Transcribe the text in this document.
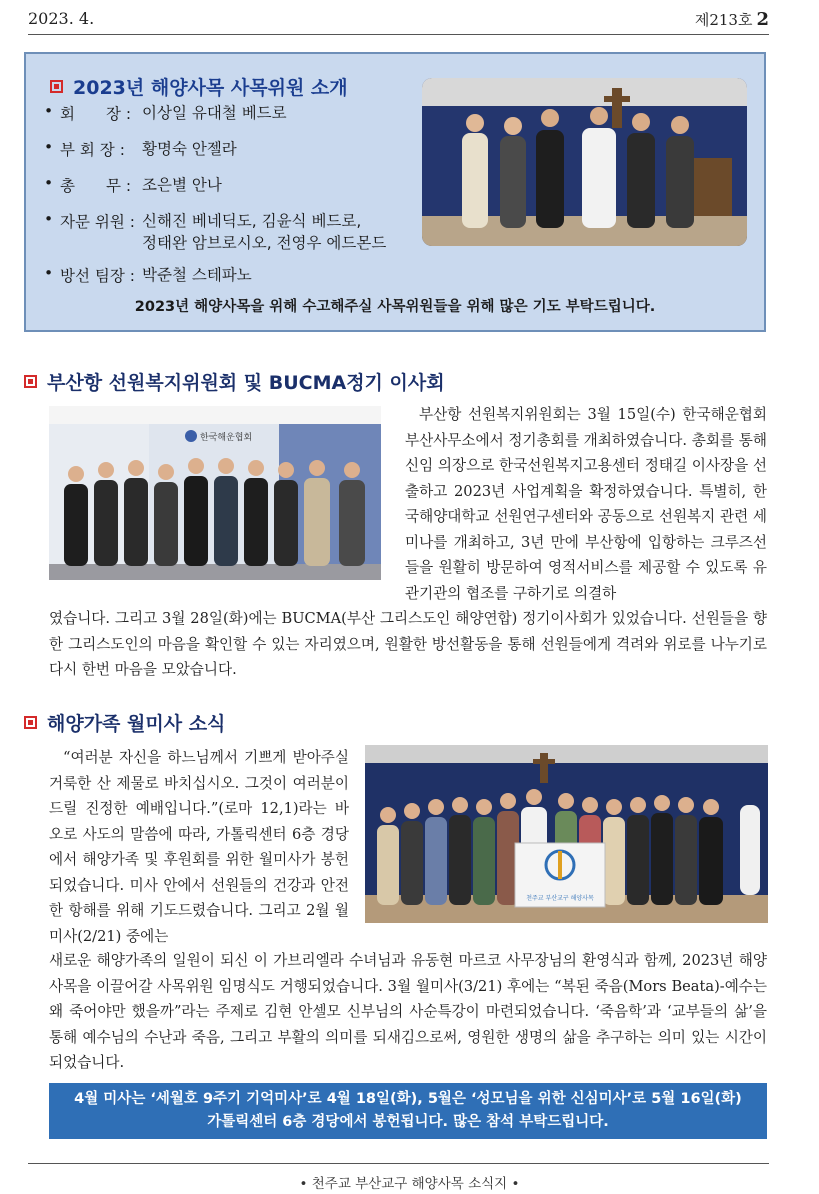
2023. 4.	제213호 2
2023년 해양사목을 위해 수고해주실 사목위원들을 위해 많은 기도 부탁드립니다.
2023년 해양사목 사목위원 소개
• 회　　장 : 이상일 유대철 베드로
• 부 회 장 :	황명숙 안젤라
• 총　　무 : 조은별 안나
• 자문 위원 : 신해진 베네딕도, 김윤식 베드로,
정태완 암브로시오, 전영우 에드몬드
• 방선 팀장 : 박준철 스테파노
부산항 선원복지위원회 및 BUCMA정기 이사회
한국해운협회
부산항 선원복지위원회는 3월 15일(수) 한국해운협회 부산사무소에서 정기총회를 개최하였습니다. 총회를 통해 신임 의장으로 한국선원복지고용센터 정태길 이사장을 선출하고 2023년 사업계획을 확정하였습니다. 특별히, 한국해양대학교 선원연구센터와 공동으로 선원복지 관련 세미나를 개최하고, 3년 만에 부산항에 입항하는 크루즈선들을 원활히 방문하여 영적서비스를 제공할 수 있도록 유관기관의 협조를 구하기로 의결하
였습니다. 그리고 3월 28일(화)에는 BUCMA(부산 그리스도인 해양연합) 정기이사회가 있었습니다. 선원들을 향한 그리스도인의 마음을 확인할 수 있는 자리였으며, 원활한 방선활동을 통해 선원들에게 격려와 위로를 나누기로 다시 한번 마음을 모았습니다.
해양가족 월미사 소식
“여러분 자신을 하느님께서 기쁘게 받아주실 거룩한 산 제물로 바치십시오. 그것이 여러분이 드릴 진정한 예배입니다.”(로마 12,1)라는 바오로 사도의 말씀에 따라, 가톨릭센터 6층 경당에서 해양가족 및 후원회를 위한 월미사가 봉헌되었습니다. 미사 안에서 선원들의 건강과 안전한 항해를 위해 기도드렸습니다. 그리고 2월 월미사(2/21) 중에는
천주교 부산교구 해양사목
새로운 해양가족의 일원이 되신 이 가브리엘라 수녀님과 유동현 마르코 사무장님의 환영식과 함께, 2023년 해양사목을 이끌어갈 사목위원 임명식도 거행되었습니다. 3월 월미사(3/21) 후에는 “복된 죽음(Mors Beata)-예수는 왜 죽어야만 했을까”라는 주제로 김현 안셀모 신부님의 사순특강이 마련되었습니다. ‘죽음학’과 ‘교부들의 삶’을 통해 예수님의 수난과 죽음, 그리고 부활의 의미를 되새김으로써, 영원한 생명의 삶을 추구하는 의미 있는 시간이 되었습니다.
4월 미사는 ‘세월호 9주기 기억미사’로 4월 18일(화), 5월은 ‘성모님을 위한 신심미사’로 5월 16일(화)
가톨릭센터 6층 경당에서 봉헌됩니다. 많은 참석 부탁드립니다.
• 천주교 부산교구 해양사목 소식지 •
